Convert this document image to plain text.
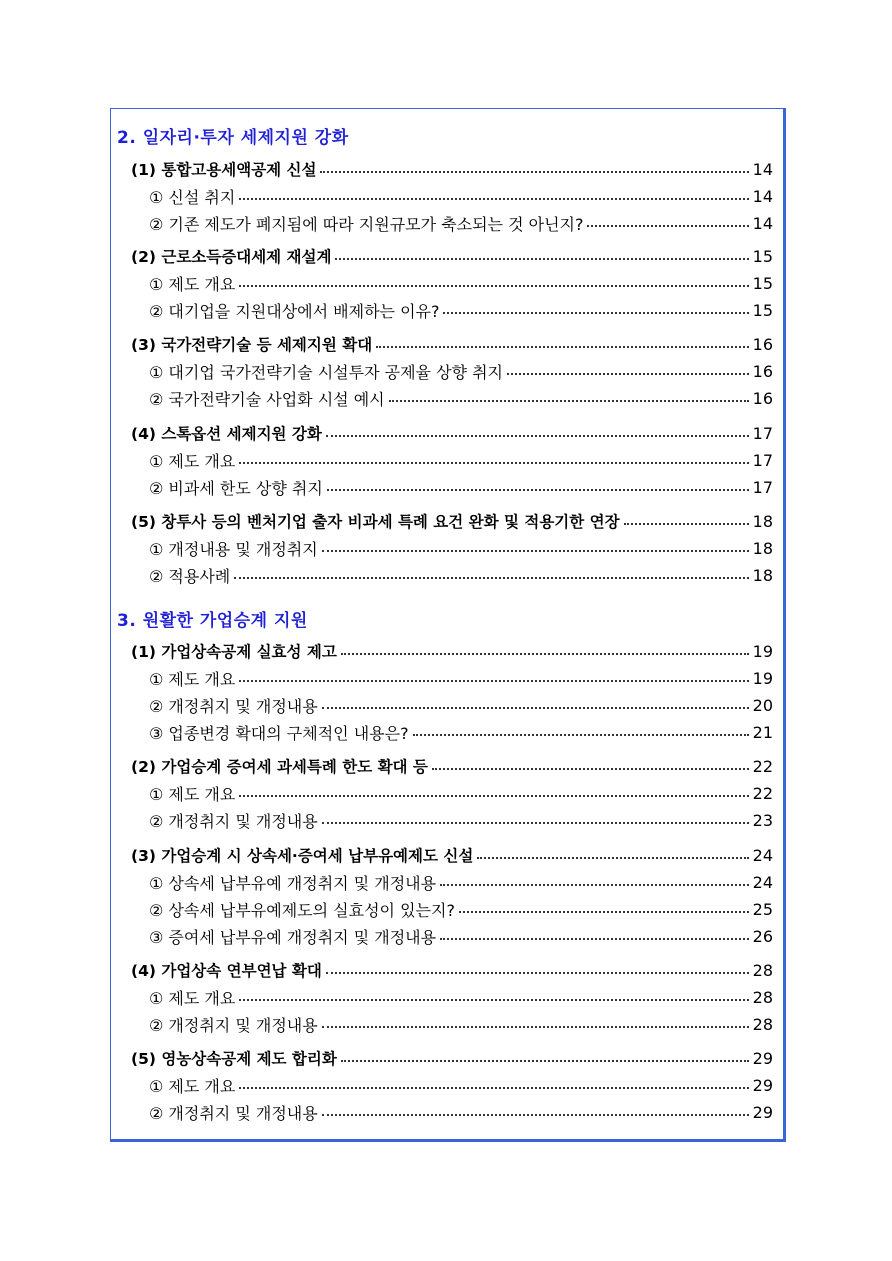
2. 일자리·투자 세제지원 강화
(1) 통합고용세액공제 신설	14
① 신설 취지	14
② 기존 제도가 폐지됨에 따라 지원규모가 축소되는 것 아닌지?	14
(2) 근로소득증대세제 재설계	15
① 제도 개요	15
② 대기업을 지원대상에서 배제하는 이유?	15
(3) 국가전략기술 등 세제지원 확대	16
① 대기업 국가전략기술 시설투자 공제율 상향 취지	16
② 국가전략기술 사업화 시설 예시	16
(4) 스톡옵션 세제지원 강화	17
① 제도 개요	17
② 비과세 한도 상향 취지	17
(5) 창투사 등의 벤처기업 출자 비과세 특례 요건 완화 및 적용기한 연장	18
① 개정내용 및 개정취지	18
② 적용사례	18
3. 원활한 가업승계 지원
(1) 가업상속공제 실효성 제고	19
① 제도 개요	19
② 개정취지 및 개정내용	20
③ 업종변경 확대의 구체적인 내용은?	21
(2) 가업승계 증여세 과세특례 한도 확대 등	22
① 제도 개요	22
② 개정취지 및 개정내용	23
(3) 가업승계 시 상속세·증여세 납부유예제도 신설	24
① 상속세 납부유예 개정취지 및 개정내용	24
② 상속세 납부유예제도의 실효성이 있는지?	25
③ 증여세 납부유예 개정취지 및 개정내용	26
(4) 가업상속 연부연납 확대	28
① 제도 개요	28
② 개정취지 및 개정내용	28
(5) 영농상속공제 제도 합리화	29
① 제도 개요	29
② 개정취지 및 개정내용	29
